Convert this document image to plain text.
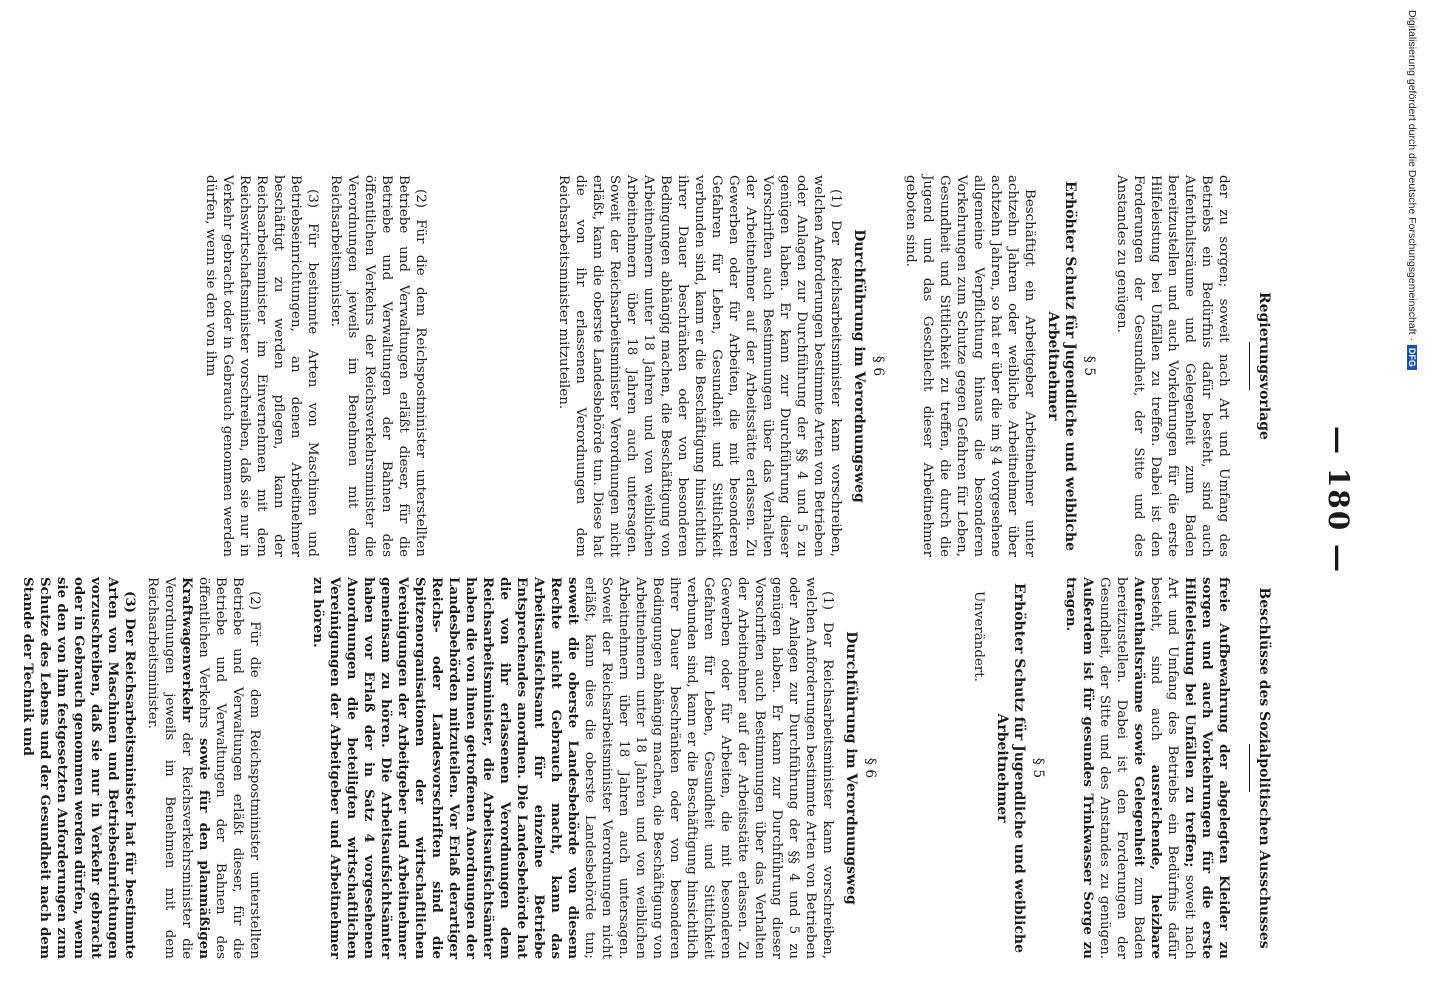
— 180 —
Regierungsvorlage
Beschlüsse des Sozialpolitischen Ausschusses

der zu sorgen; soweit nach Art und Umfang des Betriebs ein Bedürfnis dafür besteht, sind auch Aufenthaltsräume und Gelegenheit zum Baden bereitzustellen und auch Vorkehrungen für die erste Hilfeleistung bei Unfällen zu treffen. Dabei ist den Forderungen der Gesundheit, der Sitte und des Anstandes zu genügen.

§ 5
Erhöhter Schutz für Jugendliche und weibliche Arbeitnehmer

Beschäftigt ein Arbeitgeber Arbeitnehmer unter achtzehn Jahren oder weibliche Arbeitnehmer über achtzehn Jahren, so hat er über die im § 4 vorgesehene allgemeine Verpflichtung hinaus die besonderen Vorkehrungen zum Schutze gegen Gefahren für Leben, Gesundheit und Sittlichkeit zu treffen, die durch die Jugend und das Geschlecht dieser Arbeitnehmer geboten sind.

§ 6
Durchführung im Verordnungsweg

(1) Der Reichsarbeitsminister kann vorschreiben, welchen Anforderungen bestimmte Arten von Betrieben oder Anlagen zur Durchführung der §§ 4 und 5 zu genügen haben. Er kann zur Durchführung dieser Vorschriften auch Bestimmungen über das Verhalten der Arbeitnehmer auf der Arbeitsstätte erlassen. Zu Gewerben oder für Arbeiten, die mit besonderen Gefahren für Leben, Gesundheit und Sittlichkeit verbunden sind, kann er die Beschäftigung hinsichtlich ihrer Dauer beschränken oder von besonderen Bedingungen abhängig machen, die Beschäftigung von Arbeitnehmern unter 18 Jahren und von weiblichen Arbeitnehmern über 18 Jahren auch untersagen. Soweit der Reichsarbeitsminister Verordnungen nicht erläßt, kann die oberste Landesbehörde tun. Diese hat die von ihr erlassenen Verordnungen dem Reichsarbeitsminister mitzuteilen.

(2) Für die dem Reichspostminister unterstellten Betriebe und Verwaltungen erläßt dieser, für die Betriebe und Verwaltungen der Bahnen des öffentlichen Verkehrs der Reichsverkehrsminister die Verordnungen jeweils im Benehmen mit dem Reichsarbeitsminister.

(3) Für bestimmte Arten von Maschinen und Betriebseinrichtungen, an denen Arbeitnehmer beschäftigt zu werden pflegen, kann der Reichsarbeitsminister im Einvernehmen mit dem Reichswirtschaftsminister vorschreiben, daß sie nur in Verkehr gebracht oder in Gebrauch genommen werden dürfen, wenn sie den von ihm

freie Aufbewahrung der abgelegten Kleider zu sorgen und auch Vorkehrungen für die erste Hilfeleistung bei Unfällen zu treffen; soweit nach Art und Umfang des Betriebs ein Bedürfnis dafür besteht, sind auch ausreichende, heizbare Aufenthaltsräume sowie Gelegenheit zum Baden bereitzustellen. Dabei ist den Forderungen der Gesundheit, der Sitte und des Anstandes zu genügen. Außerdem ist für gesundes Trinkwasser Sorge zu tragen.

§ 5
Erhöhter Schutz für Jugendliche und weibliche Arbeitnehmer

Unverändert.

§ 6
Durchführung im Verordnungsweg

(1) Der Reichsarbeitsminister kann vorschreiben, welchen Anforderungen bestimmte Arten von Betrieben oder Anlagen zur Durchführung der §§ 4 und 5 zu genügen haben. Er kann zur Durchführung dieser Vorschriften auch Bestimmungen über das Verhalten der Arbeitnehmer auf der Arbeitsstätte erlassen. Zu Gewerben oder für Arbeiten, die mit besonderen Gefahren für Leben, Gesundheit und Sittlichkeit verbunden sind, kann er die Beschäftigung hinsichtlich ihrer Dauer beschränken oder von besonderen Bedingungen abhängig machen, die Beschäftigung von Arbeitnehmern unter 18 Jahren und von weiblichen Arbeitnehmern über 18 Jahren auch untersagen. Soweit der Reichsarbeitsminister Verordnungen nicht erläßt, kann dies die oberste Landesbehörde tun; soweit die oberste Landesbehörde von diesem Rechte nicht Gebrauch macht, kann das Arbeitsaufsichtsamt für einzelne Betriebe Entsprechendes anordnen. Die Landesbehörde hat die von ihr erlassenen Verordnungen dem Reichsarbeitsminister, die Arbeitsaufsichtsämter haben die von ihnen getroffenen Anordnungen der Landesbehörden mitzuteilen. Vor Erlaß derartiger Reichs- oder Landesvorschriften sind die Spitzenorganisationen der wirtschaftlichen Vereinigungen der Arbeitgeber und Arbeitnehmer gemeinsam zu hören. Die Arbeitsaufsichtsämter haben vor Erlaß der in Satz 4 vorgesehenen Anordnungen die beteiligten wirtschaftlichen Vereinigungen der Arbeitgeber und Arbeitnehmer zu hören.

(2) Für die dem Reichspostminister unterstellten Betriebe und Verwaltungen erläßt dieser, für die Betriebe und Verwaltungen der Bahnen des öffentlichen Verkehrs sowie für den planmäßigen Kraftwagenverkehr der Reichsverkehrsminister die Verordnungen jeweils im Benehmen mit dem Reichsarbeitsminister.

(3) Der Reichsarbeitsminister hat für bestimmte Arten von Maschinen und Betriebseinrichtungen vorzuschreiben, daß sie nur in Verkehr gebracht oder in Gebrauch genommen werden dürfen, wenn sie den von ihm festgesetzten Anforderungen zum Schutze des Lebens und der Gesundheit nach dem Stande der Technik und

Digitalisierung gefördert durch die Deutsche Forschungsgemeinschaft ·DFG
